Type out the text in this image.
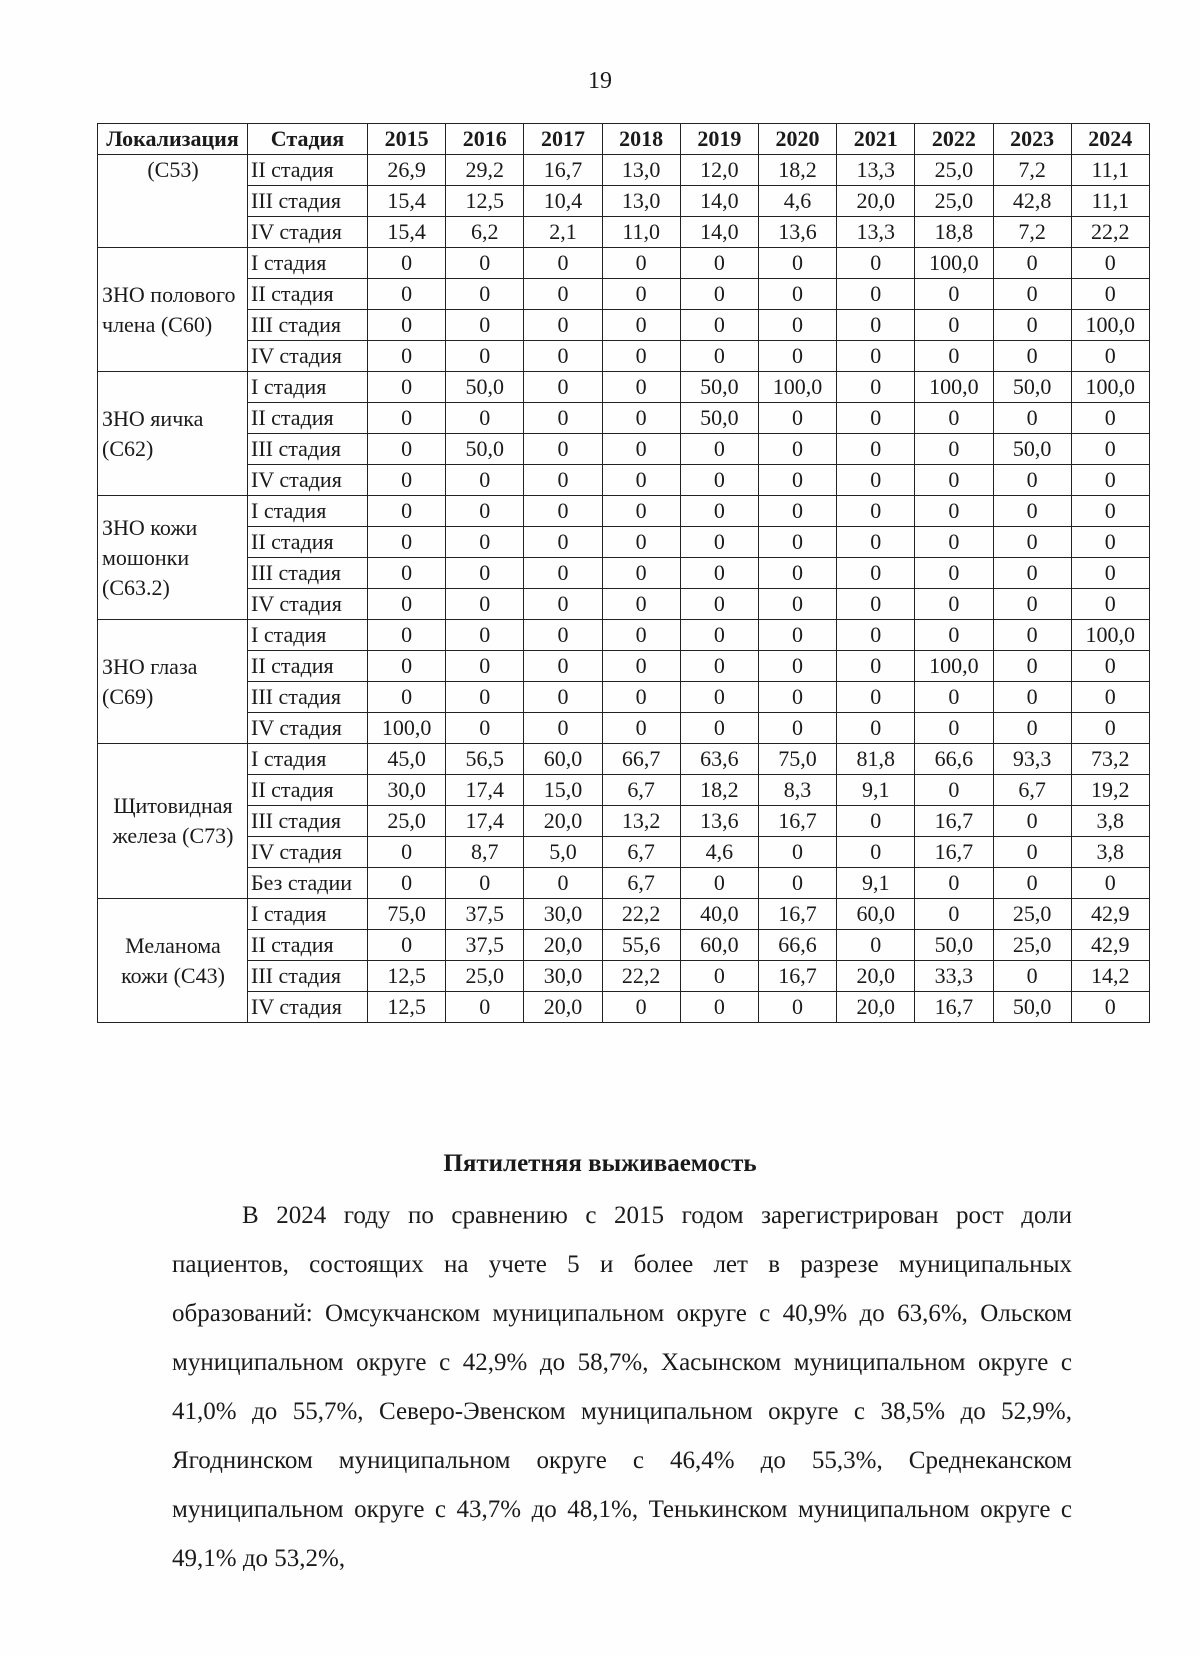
19
Локализация	Стадия	2015	2016	2017	2018	2019	2020	2021	2022	2023	2024
(С53)	II стадия	26,9	29,2	16,7	13,0	12,0	18,2	13,3	25,0	7,2	11,1
	III стадия	15,4	12,5	10,4	13,0	14,0	4,6	20,0	25,0	42,8	11,1
	IV стадия	15,4	6,2	2,1	11,0	14,0	13,6	13,3	18,8	7,2	22,2
ЗНО полового члена (С60)	I стадия	0	0	0	0	0	0	0	100,0	0	0
	II стадия	0	0	0	0	0	0	0	0	0	0
	III стадия	0	0	0	0	0	0	0	0	0	100,0
	IV стадия	0	0	0	0	0	0	0	0	0	0
ЗНО яичка (С62)	I стадия	0	50,0	0	0	50,0	100,0	0	100,0	50,0	100,0
	II стадия	0	0	0	0	50,0	0	0	0	0	0
	III стадия	0	50,0	0	0	0	0	0	0	50,0	0
	IV стадия	0	0	0	0	0	0	0	0	0	0
ЗНО кожи мошонки (С63.2)	I стадия	0	0	0	0	0	0	0	0	0	0
	II стадия	0	0	0	0	0	0	0	0	0	0
	III стадия	0	0	0	0	0	0	0	0	0	0
	IV стадия	0	0	0	0	0	0	0	0	0	0
ЗНО глаза (С69)	I стадия	0	0	0	0	0	0	0	0	0	100,0
	II стадия	0	0	0	0	0	0	0	100,0	0	0
	III стадия	0	0	0	0	0	0	0	0	0	0
	IV стадия	100,0	0	0	0	0	0	0	0	0	0
Щитовидная железа (С73)	I стадия	45,0	56,5	60,0	66,7	63,6	75,0	81,8	66,6	93,3	73,2
	II стадия	30,0	17,4	15,0	6,7	18,2	8,3	9,1	0	6,7	19,2
	III стадия	25,0	17,4	20,0	13,2	13,6	16,7	0	16,7	0	3,8
	IV стадия	0	8,7	5,0	6,7	4,6	0	0	16,7	0	3,8
	Без стадии	0	0	0	6,7	0	0	9,1	0	0	0
Меланома кожи (С43)	I стадия	75,0	37,5	30,0	22,2	40,0	16,7	60,0	0	25,0	42,9
	II стадия	0	37,5	20,0	55,6	60,0	66,6	0	50,0	25,0	42,9
	III стадия	12,5	25,0	30,0	22,2	0	16,7	20,0	33,3	0	14,2
	IV стадия	12,5	0	20,0	0	0	0	20,0	16,7	50,0	0
Пятилетняя выживаемость

В 2024 году по сравнению с 2015 годом зарегистрирован рост доли пациентов, состоящих на учете 5 и более лет в разрезе муниципальных образований: Омсукчанском муниципальном округе с 40,9% до 63,6%, Ольском муниципальном округе с 42,9% до 58,7%, Хасынском муниципальном округе с 41,0% до 55,7%, Северо-Эвенском муниципальном округе с 38,5% до 52,9%, Ягоднинском муниципальном округе с 46,4% до 55,3%, Среднеканском муниципальном округе с 43,7% до 48,1%, Тенькинском муниципальном округе с 49,1% до 53,2%,
